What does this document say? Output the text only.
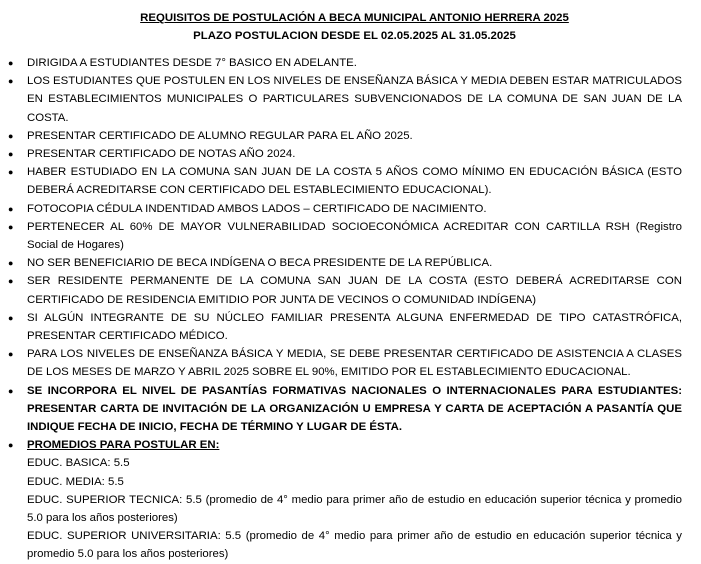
REQUISITOS DE POSTULACIÓN A BECA MUNICIPAL ANTONIO HERRERA 2025
PLAZO POSTULACION DESDE EL 02.05.2025 AL 31.05.2025
● DIRIGIDA A ESTUDIANTES DESDE 7° BASICO EN ADELANTE.
● LOS ESTUDIANTES QUE POSTULEN EN LOS NIVELES DE ENSEÑANZA BÁSICA Y MEDIA DEBEN ESTAR MATRICULADOS EN ESTABLECIMIENTOS MUNICIPALES O PARTICULARES SUBVENCIONADOS DE LA COMUNA DE SAN JUAN DE LA COSTA.
● PRESENTAR CERTIFICADO DE ALUMNO REGULAR PARA EL AÑO 2025.
● PRESENTAR CERTIFICADO DE NOTAS AÑO 2024.
● HABER ESTUDIADO EN LA COMUNA SAN JUAN DE LA COSTA 5 AÑOS COMO MÍNIMO EN EDUCACIÓN BÁSICA (ESTO DEBERÁ ACREDITARSE CON CERTIFICADO DEL ESTABLECIMIENTO EDUCACIONAL).
● FOTOCOPIA CÉDULA INDENTIDAD AMBOS LADOS – CERTIFICADO DE NACIMIENTO.
● PERTENECER AL 60% DE MAYOR VULNERABILIDAD SOCIOECONÓMICA ACREDITAR CON CARTILLA RSH (Registro Social de Hogares)
● NO SER BENEFICIARIO DE BECA INDÍGENA O BECA PRESIDENTE DE LA REPÚBLICA.
● SER RESIDENTE PERMANENTE DE LA COMUNA SAN JUAN DE LA COSTA (ESTO DEBERÁ ACREDITARSE CON CERTIFICADO DE RESIDENCIA EMITIDIO POR JUNTA DE VECINOS O COMUNIDAD INDÍGENA)
● SI ALGÚN INTEGRANTE DE SU NÚCLEO FAMILIAR PRESENTA ALGUNA ENFERMEDAD DE TIPO CATASTRÓFICA, PRESENTAR CERTIFICADO MÉDICO.
● PARA LOS NIVELES DE ENSEÑANZA BÁSICA Y MEDIA, SE DEBE PRESENTAR CERTIFICADO DE ASISTENCIA A CLASES DE LOS MESES DE MARZO Y ABRIL 2025 SOBRE EL 90%, EMITIDO POR EL ESTABLECIMIENTO EDUCACIONAL.
● SE INCORPORA EL NIVEL DE PASANTÍAS FORMATIVAS NACIONALES O INTERNACIONALES PARA ESTUDIANTES: PRESENTAR CARTA DE INVITACIÓN DE LA ORGANIZACIÓN U EMPRESA Y CARTA DE ACEPTACIÓN A PASANTÍA QUE INDIQUE FECHA DE INICIO, FECHA DE TÉRMINO Y LUGAR DE ÉSTA.
● PROMEDIOS PARA POSTULAR EN:
EDUC. BASICA: 5.5
EDUC. MEDIA: 5.5
EDUC. SUPERIOR TECNICA: 5.5 (promedio de 4° medio para primer año de estudio en educación superior técnica y promedio 5.0 para los años posteriores)
EDUC. SUPERIOR UNIVERSITARIA: 5.5 (promedio de 4° medio para primer año de estudio en educación superior técnica y promedio 5.0 para los años posteriores)
